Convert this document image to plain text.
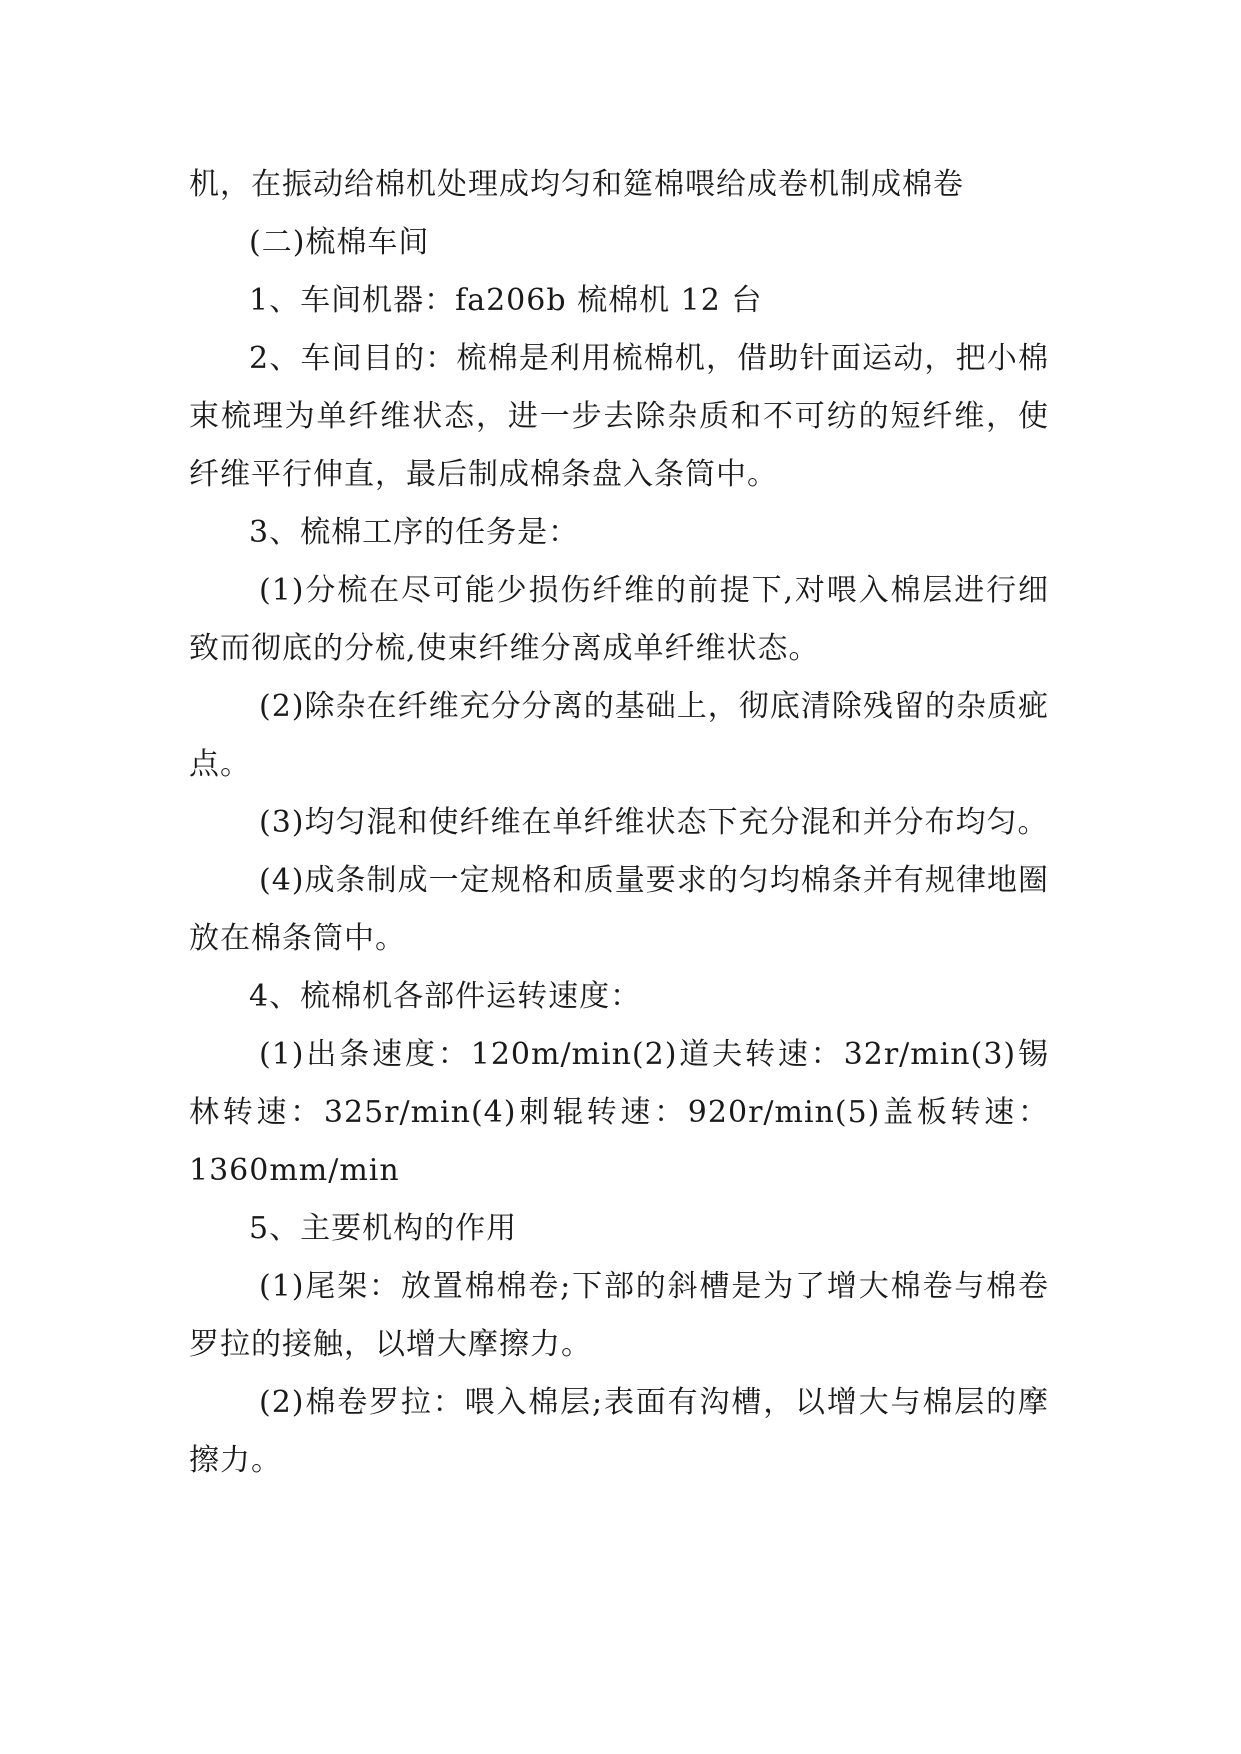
机，在振动给棉机处理成均匀和筵棉喂给成卷机制成棉卷

(二)梳棉车间

1、车间机器：fa206b 梳棉机 12 台

2、车间目的：梳棉是利用梳棉机，借助针面运动，把小棉束梳理为单纤维状态，进一步去除杂质和不可纺的短纤维，使纤维平行伸直，最后制成棉条盘入条筒中。

3、梳棉工序的任务是：

(1)分梳在尽可能少损伤纤维的前提下,对喂入棉层进行细致而彻底的分梳,使束纤维分离成单纤维状态。

(2)除杂在纤维充分分离的基础上，彻底清除残留的杂质疵点。

(3)均匀混和使纤维在单纤维状态下充分混和并分布均匀。

(4)成条制成一定规格和质量要求的匀均棉条并有规律地圈放在棉条筒中。

4、梳棉机各部件运转速度：

(1)出条速度：120m/min(2)道夫转速：32r/min(3)锡林转速：325r/min(4)刺辊转速：920r/min(5)盖板转速：1360mm/min

5、主要机构的作用

(1)尾架：放置棉棉卷;下部的斜槽是为了增大棉卷与棉卷罗拉的接触，以增大摩擦力。

(2)棉卷罗拉：喂入棉层;表面有沟槽，以增大与棉层的摩擦力。
